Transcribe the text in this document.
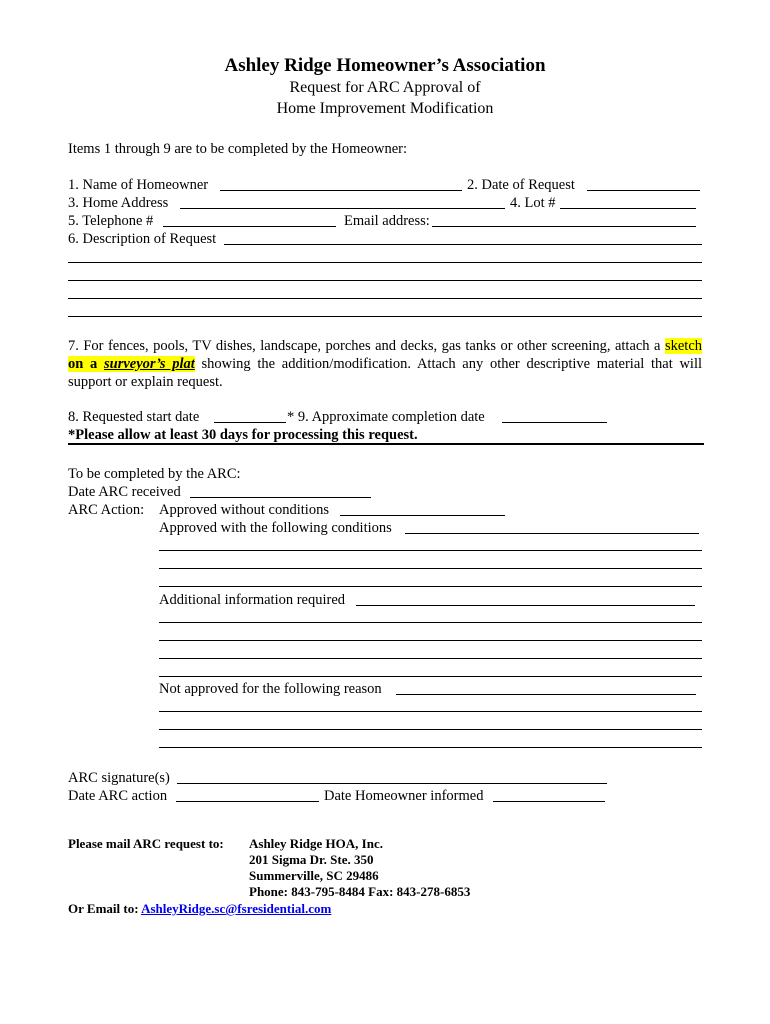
Ashley Ridge Homeowner’s Association
Request for ARC Approval of
Home Improvement Modification
Items 1 through 9 are to be completed by the Homeowner:
1. Name of Homeowner	2. Date of Request
3. Home Address	4. Lot #
5. Telephone #	Email address:
6. Description of Request
7. For fences, pools, TV dishes, landscape, porches and decks, gas tanks or other screening, attach a sketch on a surveyor’s plat showing the addition/modification. Attach any other descriptive material that will support or explain request.
8. Requested start date	* 9. Approximate completion date
*Please allow at least 30 days for processing this request.
To be completed by the ARC:
Date ARC received
ARC Action: Approved without conditions
Approved with the following conditions
Additional information required
Not approved for the following reason
ARC signature(s)
Date ARC action	Date Homeowner informed
Please mail ARC request to: Ashley Ridge HOA, Inc.
201 Sigma Dr. Ste. 350
Summerville, SC 29486
Phone: 843-795-8484 Fax: 843-278-6853
Or Email to: AshleyRidge.sc@fsresidential.com
